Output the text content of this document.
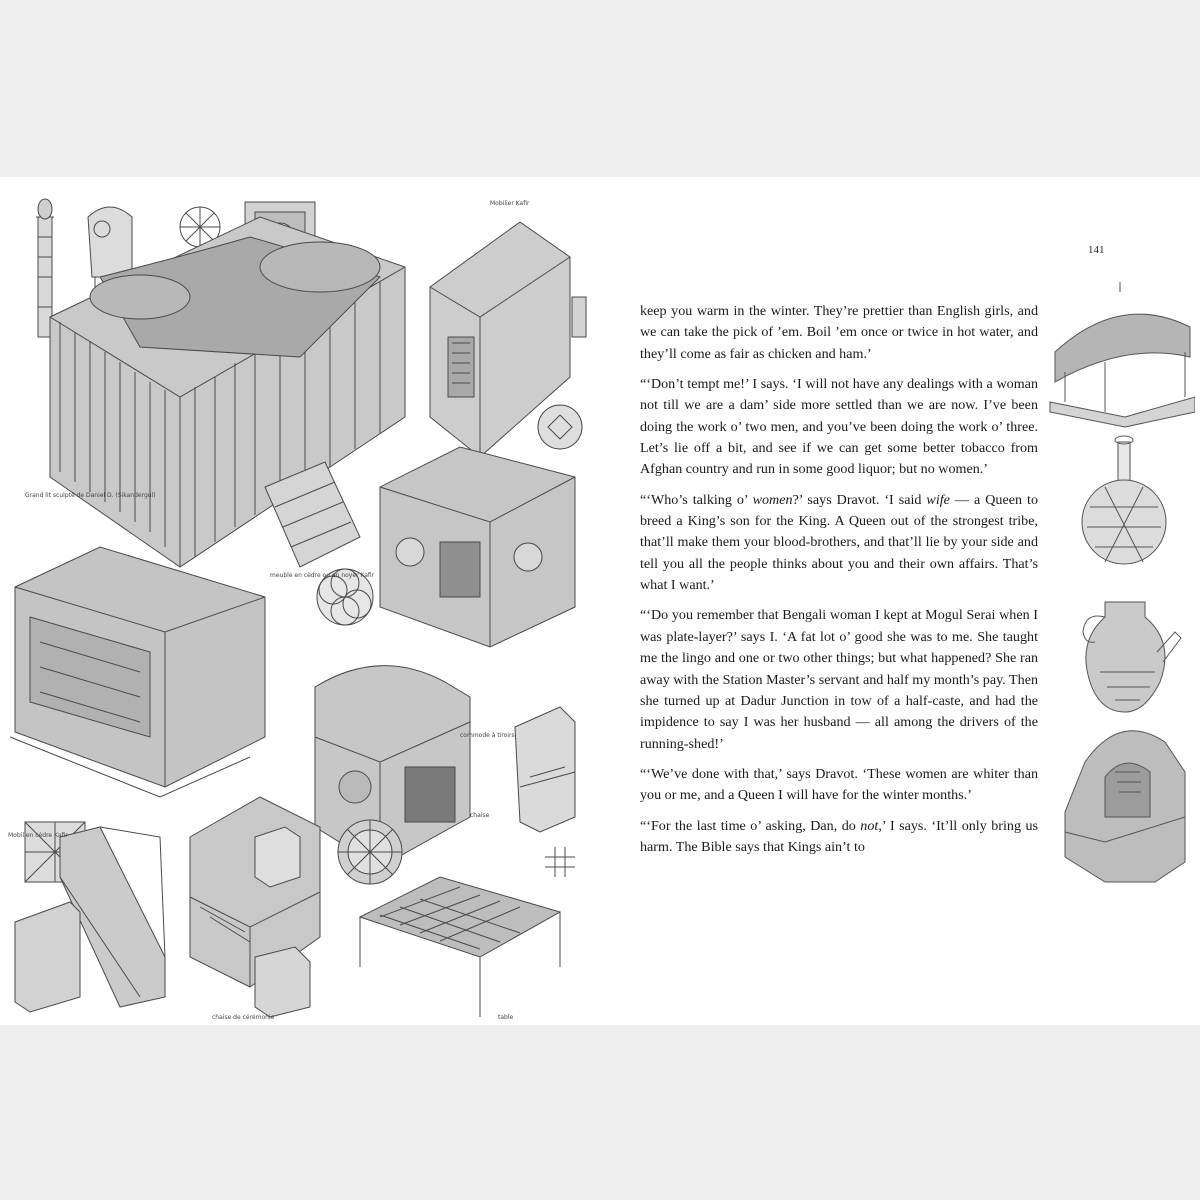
Mobilier Kafir
Grand lit sculpté de Daniel D. (Sikandergul)
meuble en cèdre ou en noyer Kafir
commode à tiroirs
Mobil en cèdre Kafir
chaise
table
chaise de cérémonie
141

keep you warm in the winter. They’re prettier than English girls, and we can take the pick of ’em. Boil ’em once or twice in hot water, and they’ll come as fair as chicken and ham.’

“‘Don’t tempt me!’ I says. ‘I will not have any dealings with a woman not till we are a dam’ side more settled than we are now. I’ve been doing the work o’ two men, and you’ve been doing the work o’ three. Let’s lie off a bit, and see if we can get some better tobacco from Afghan country and run in some good liquor; but no women.’

“‘Who’s talking o’ women?’ says Dravot. ‘I said wife — a Queen to breed a King’s son for the King. A Queen out of the strongest tribe, that’ll make them your blood-brothers, and that’ll lie by your side and tell you all the people thinks about you and their own affairs. That’s what I want.’

“‘Do you remember that Bengali woman I kept at Mogul Serai when I was plate-layer?’ says I. ‘A fat lot o’ good she was to me. She taught me the lingo and one or two other things; but what happened? She ran away with the Station Master’s servant and half my month’s pay. Then she turned up at Dadur Junction in tow of a half-caste, and had the impidence to say I was her husband — all among the drivers of the running-shed!’

“‘We’ve done with that,’ says Dravot. ‘These women are whiter than you or me, and a Queen I will have for the winter months.’

“‘For the last time o’ asking, Dan, do not,’ I says. ‘It’ll only bring us harm. The Bible says that Kings ain’t to
